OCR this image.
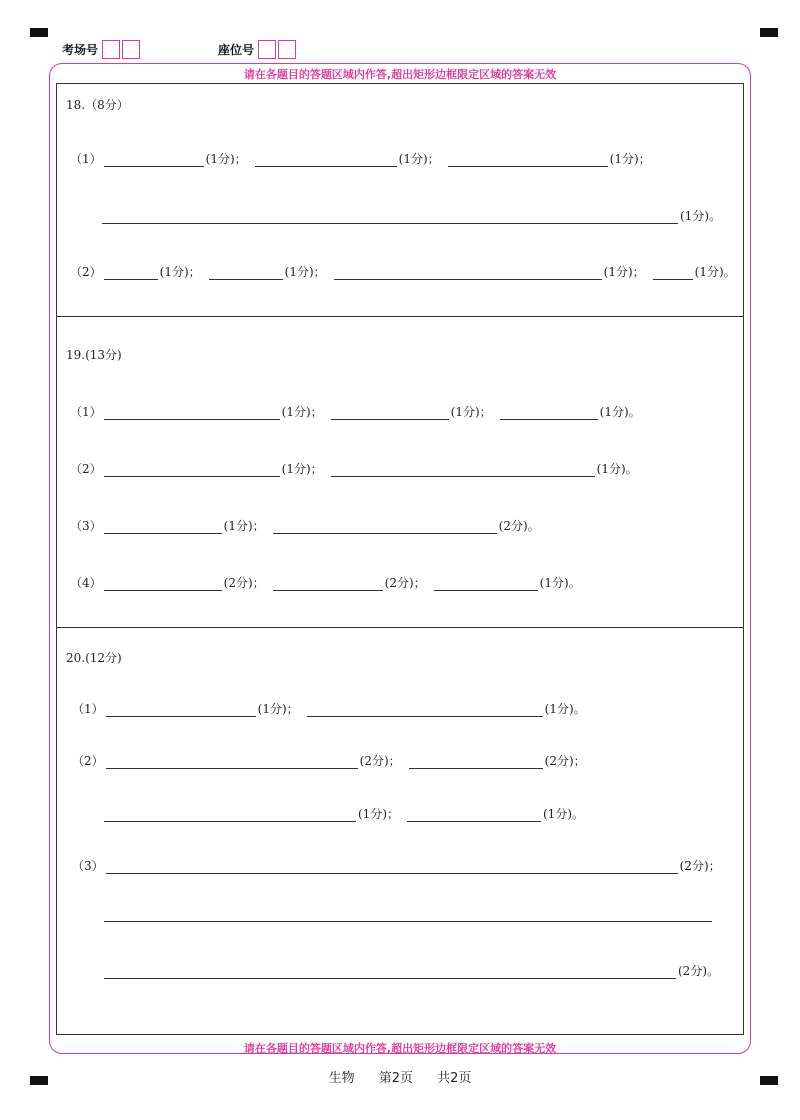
考场号	座位号
请在各题目的答题区域内作答,超出矩形边框限定区域的答案无效
请在各题目的答题区域内作答,超出矩形边框限定区域的答案无效
18.（8分）
（1）	(1分)；	(1分)；	(1分)；
(1分)。
（2）	(1分)；	(1分)；	(1分)；	(1分)。
19.(13分)
（1）	(1分)；	(1分)；	(1分)。
（2）	(1分)；	(1分)。
（3）	(1分)；	(2分)。
（4）	(2分)；	(2分)；	(1分)。
20.(12分)
（1）	(1分)；	(1分)。
（2）	(2分)；	(2分)；
(1分)；	(1分)。
（3）	(2分)；
(2分)。
生物 第2页 共2页
